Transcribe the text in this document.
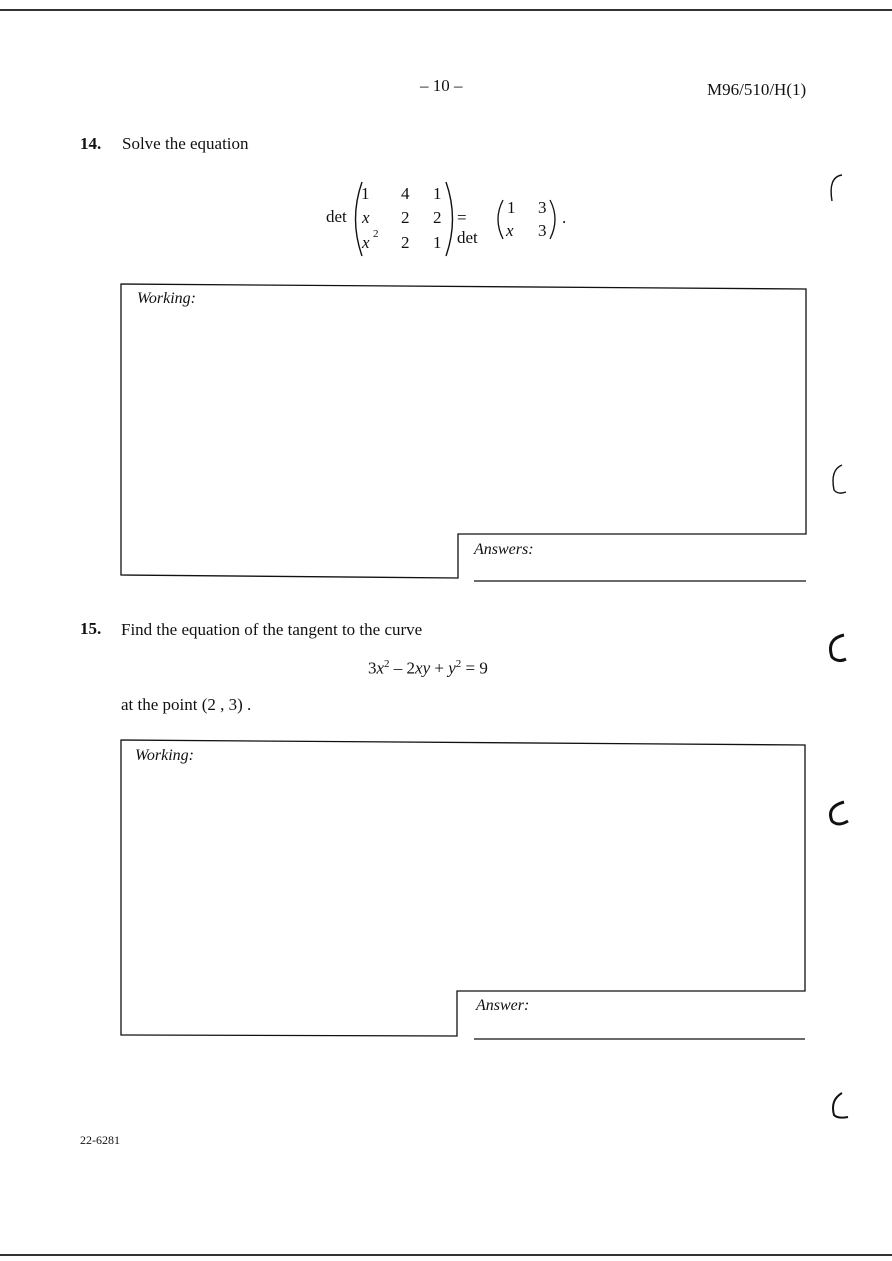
– 10 –	M96/510/H(1)
14. Solve the equation
det
1 4 1
x 2 2
x 2 2 1
= det
1 3
x 3
.
Working:
Answers:
15. Find the equation of the tangent to the curve
$3x^2 - 2xy + y^2 = 9$
at the point (2 , 3) .
Working:
Answer:
22-6281
